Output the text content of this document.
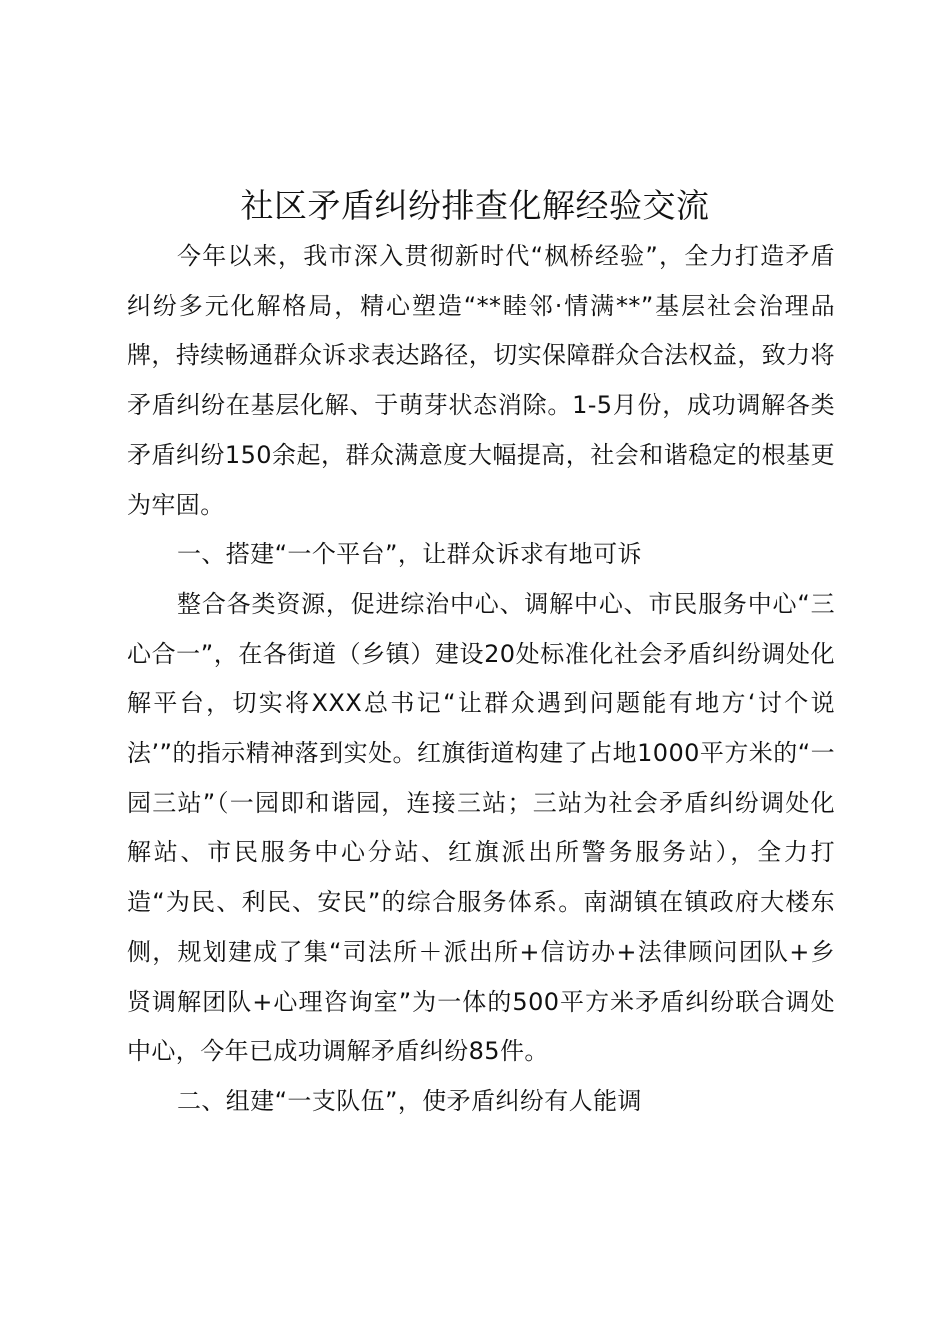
社区矛盾纠纷排查化解经验交流

今年以来，我市深入贯彻新时代“枫桥经验”，全力打造矛盾纠纷多元化解格局，精心塑造“**睦邻·情满**”基层社会治理品牌，持续畅通群众诉求表达路径，切实保障群众合法权益，致力将矛盾纠纷在基层化解、于萌芽状态消除。1-5月份，成功调解各类矛盾纠纷150余起，群众满意度大幅提高，社会和谐稳定的根基更为牢固。

一、搭建“一个平台”，让群众诉求有地可诉

整合各类资源，促进综治中心、调解中心、市民服务中心“三心合一”，在各街道（乡镇）建设20处标准化社会矛盾纠纷调处化解平台，切实将XXX总书记“让群众遇到问题能有地方‘讨个说法’”的指示精神落到实处。红旗街道构建了占地1000平方米的“一园三站”（一园即和谐园，连接三站；三站为社会矛盾纠纷调处化解站、市民服务中心分站、红旗派出所警务服务站），全力打造“为民、利民、安民”的综合服务体系。南湖镇在镇政府大楼东侧，规划建成了集“司法所＋派出所+信访办+法律顾问团队+乡贤调解团队+心理咨询室”为一体的500平方米矛盾纠纷联合调处中心，今年已成功调解矛盾纠纷85件。

二、组建“一支队伍”，使矛盾纠纷有人能调
